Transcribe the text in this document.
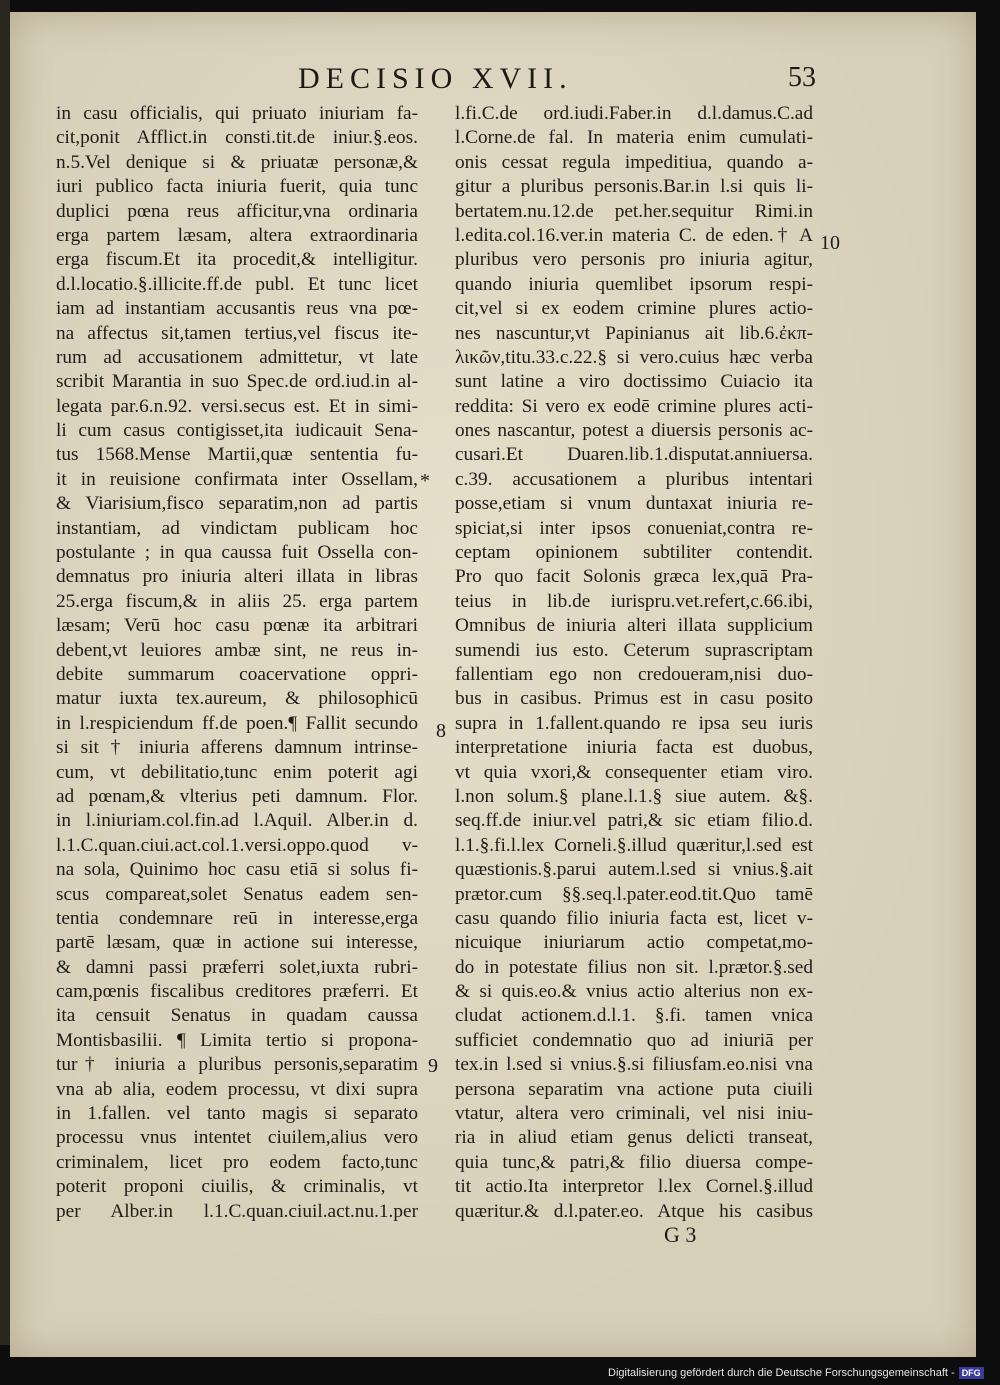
DECISIO XVII.	53
in casu officialis, qui priuato iniuriam fa-
cit,ponit Afflict.in consti.tit.de iniur.§.eos.
n.5.Vel denique si & priuatæ personæ,&
iuri publico facta iniuria fuerit, quia tunc
duplici pœna reus afficitur,vna ordinaria
erga partem læsam, altera extraordinaria
erga fiscum.Et ita procedit,& intelligitur.
d.l.locatio.§.illicite.ff.de publ. Et tunc licet
iam ad instantiam accusantis reus vna pœ-
na affectus sit,tamen tertius,vel fiscus ite-
rum ad accusationem admittetur, vt late
scribit Marantia in suo Spec.de ord.iud.in al-
legata par.6.n.92. versi.secus est. Et in simi-
li cum casus contigisset,ita iudicauit Sena-
tus 1568.Mense Martii,quæ sententia fu-
it in reuisione confirmata inter Ossellam,
& Viarisium,fisco separatim,non ad partis
instantiam, ad vindictam publicam hoc
postulante ; in qua caussa fuit Ossella con-
demnatus pro iniuria alteri illata in libras
25.erga fiscum,& in aliis 25. erga partem
læsam; Verū hoc casu pœnæ ita arbitrari
debent,vt leuiores ambæ sint, ne reus in-
debite summarum coacervatione oppri-
matur iuxta tex.aureum, & philosophicū
in l.respiciendum ff.de poen.¶ Fallit secundo
si sit † iniuria afferens damnum intrinse-
cum, vt debilitatio,tunc enim poterit agi
ad pœnam,& vlterius peti damnum. Flor.
in l.iniuriam.col.fin.ad l.Aquil. Alber.in d.
l.1.C.quan.ciui.act.col.1.versi.oppo.quod v-
na sola, Quinimo hoc casu etiā si solus fi-
scus compareat,solet Senatus eadem sen-
tentia condemnare reū in interesse,erga
partē læsam, quæ in actione sui interesse,
& damni passi præferri solet,iuxta rubri-
cam,pœnis fiscalibus creditores præferri. Et
ita censuit Senatus in quadam caussa
Montisbasilii. ¶ Limita tertio si propona-
tur† iniuria a pluribus personis,separatim
vna ab alia, eodem processu, vt dixi supra
in 1.fallen. vel tanto magis si separato
processu vnus intentet ciuilem,alius vero
criminalem, licet pro eodem facto,tunc
poterit proponi ciuilis, & criminalis, vt
per Alber.in l.1.C.quan.ciuil.act.nu.1.per
l.fi.C.de ord.iudi.Faber.in d.l.damus.C.ad
l.Corne.de fal. In materia enim cumulati-
onis cessat regula impeditiua, quando a-
gitur a pluribus personis.Bar.in l.si quis li-
bertatem.nu.12.de pet.her.sequitur Rimi.in
l.edita.col.16.ver.in materia C. de eden.† A
pluribus vero personis pro iniuria agitur,
quando iniuria quemlibet ipsorum respi-
cit,vel si ex eodem crimine plures actio-
nes nascuntur,vt Papinianus ait lib.6.ἐκπ-
λικῶν,titu.33.c.22.§ si vero.cuius hæc verba
sunt latine a viro doctissimo Cuiacio ita
reddita: Si vero ex eodē crimine plures acti-
ones nascantur, potest a diuersis personis ac-
cusari.Et Duaren.lib.1.disputat.anniuersa.
c.39. accusationem a pluribus intentari
posse,etiam si vnum duntaxat iniuria re-
spiciat,si inter ipsos conueniat,contra re-
ceptam opinionem subtiliter contendit.
Pro quo facit Solonis græca lex,quā Pra-
teius in lib.de iurispru.vet.refert,c.66.ibi,
Omnibus de iniuria alteri illata supplicium
sumendi ius esto. Ceterum suprascriptam
fallentiam ego non credoueram,nisi duo-
bus in casibus. Primus est in casu posito
supra in 1.fallent.quando re ipsa seu iuris
interpretatione iniuria facta est duobus,
vt quia vxori,& consequenter etiam viro.
l.non solum.§ plane.l.1.§ siue autem. &§.
seq.ff.de iniur.vel patri,& sic etiam filio.d.
l.1.§.fi.l.lex Corneli.§.illud quæritur,l.sed est
quæstionis.§.parui autem.l.sed si vnius.§.ait
prætor.cum §§.seq.l.pater.eod.tit.Quo tamē
casu quando filio iniuria facta est, licet v-
nicuique iniuriarum actio competat,mo-
do in potestate filius non sit. l.prætor.§.sed
& si quis.eo.& vnius actio alterius non ex-
cludat actionem.d.l.1. §.fi. tamen vnica
sufficiet condemnatio quo ad iniuriā per
tex.in l.sed si vnius.§.si filiusfam.eo.nisi vna
persona separatim vna actione puta ciuili
vtatur, altera vero criminali, vel nisi iniu-
ria in aliud etiam genus delicti transeat,
quia tunc,& patri,& filio diuersa compe-
tit actio.Ita interpretor l.lex Cornel.§.illud
quæritur.& d.l.pater.eo. Atque his casibus
*
8
9
10
G 3
Digitalisierung gefördert durch die Deutsche Forschungsgemeinschaft - DFG
